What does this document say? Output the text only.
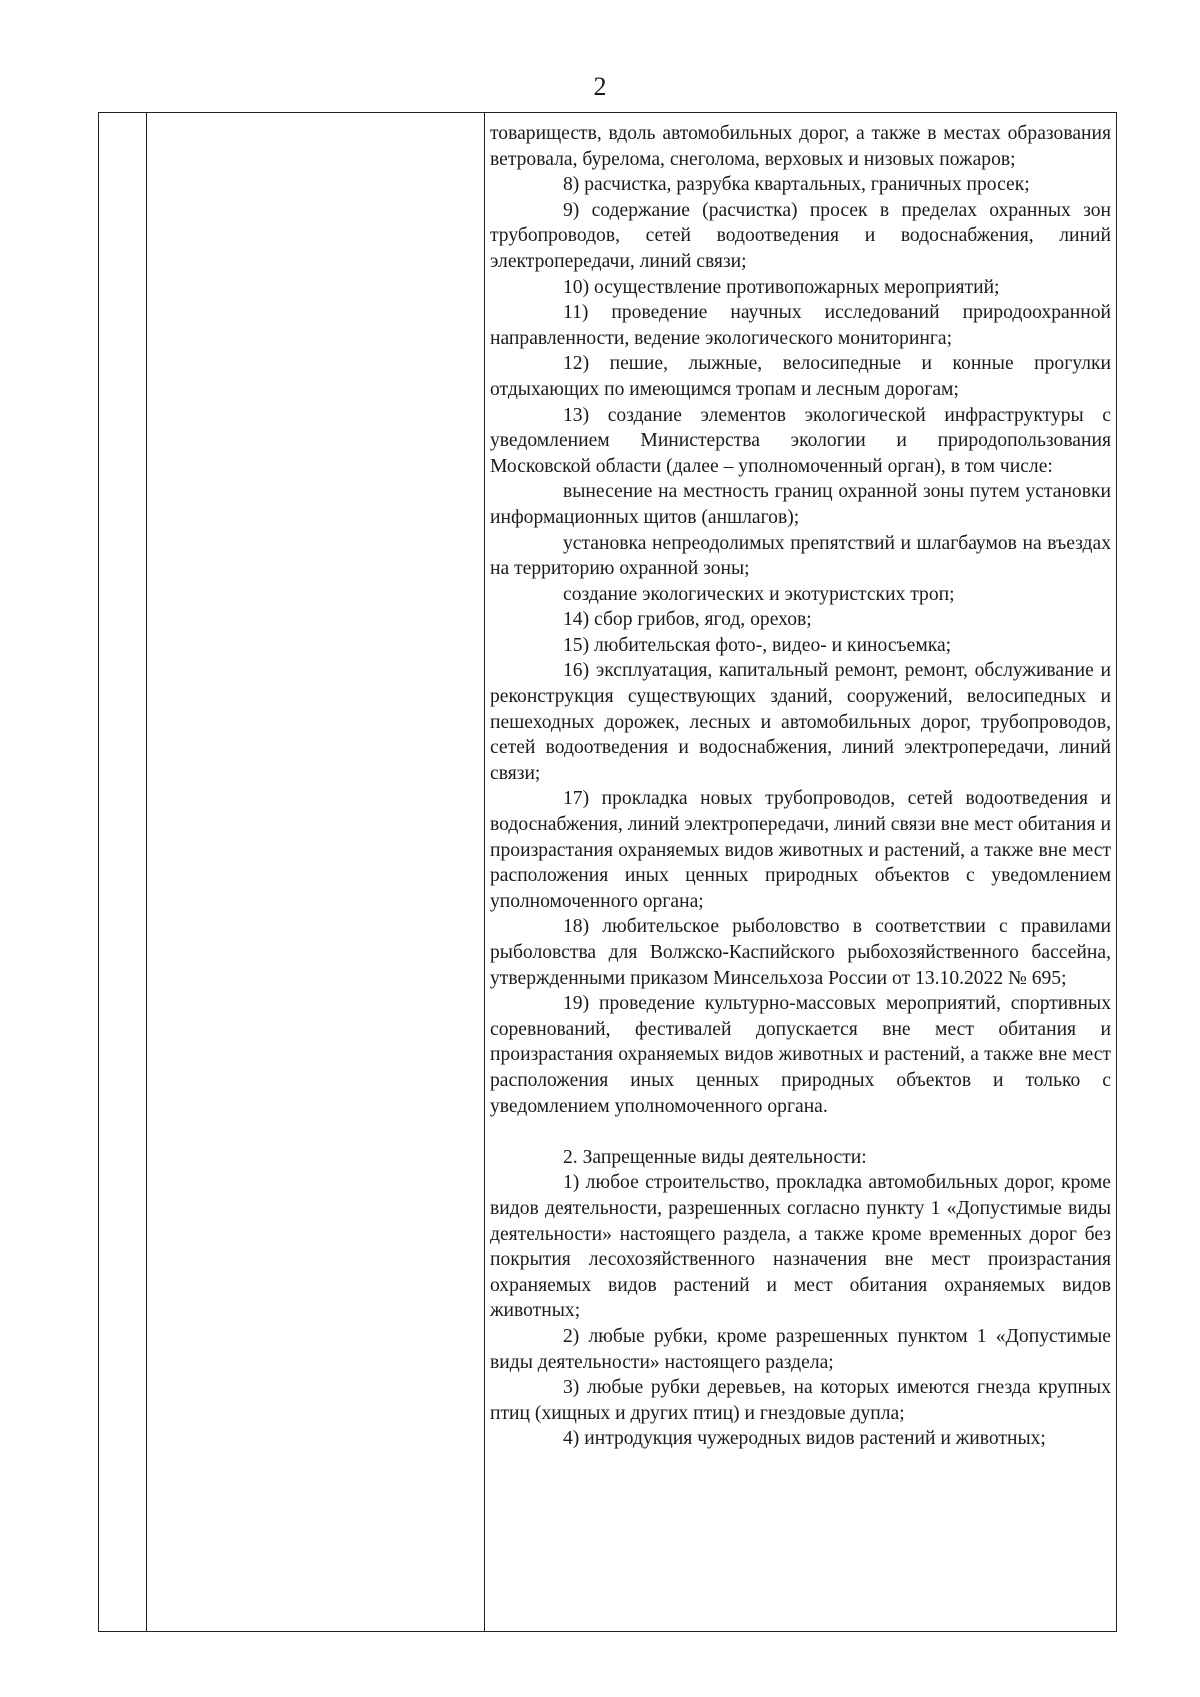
2

товариществ, вдоль автомобильных дорог, а также в местах образования ветровала, бурелома, снеголома, верховых и низовых пожаров;

8) расчистка, разрубка квартальных, граничных просек;

9) содержание (расчистка) просек в пределах охранных зон трубопроводов, сетей водоотведения и водоснабжения, линий электропередачи, линий связи;

10) осуществление противопожарных мероприятий;

11) проведение научных исследований природоохранной направленности, ведение экологического мониторинга;

12) пешие, лыжные, велосипедные и конные прогулки отдыхающих по имеющимся тропам и лесным дорогам;

13) создание элементов экологической инфраструктуры с уведомлением Министерства экологии и природопользования Московской области (далее – уполномоченный орган), в том числе:

вынесение на местность границ охранной зоны путем установки информационных щитов (аншлагов);

установка непреодолимых препятствий и шлагбаумов на въездах на территорию охранной зоны;

создание экологических и экотуристских троп;

14) сбор грибов, ягод, орехов;

15) любительская фото-, видео- и киносъемка;

16) эксплуатация, капитальный ремонт, ремонт, обслуживание и реконструкция существующих зданий, сооружений, велосипедных и пешеходных дорожек, лесных и автомобильных дорог, трубопроводов, сетей водоотведения и водоснабжения, линий электропередачи, линий связи;

17) прокладка новых трубопроводов, сетей водоотведения и водоснабжения, линий электропередачи, линий связи вне мест обитания и произрастания охраняемых видов животных и растений, а также вне мест расположения иных ценных природных объектов с уведомлением уполномоченного органа;

18) любительское рыболовство в соответствии с правилами рыболовства для Волжско-Каспийского рыбохозяйственного бассейна, утвержденными приказом Минсельхоза России от 13.10.2022 № 695;

19) проведение культурно-массовых мероприятий, спортивных соревнований, фестивалей допускается вне мест обитания и произрастания охраняемых видов животных и растений, а также вне мест расположения иных ценных природных объектов и только с уведомлением уполномоченного органа.

2. Запрещенные виды деятельности:

1) любое строительство, прокладка автомобильных дорог, кроме видов деятельности, разрешенных согласно пункту 1 «Допустимые виды деятельности» настоящего раздела, а также кроме временных дорог без покрытия лесохозяйственного назначения вне мест произрастания охраняемых видов растений и мест обитания охраняемых видов животных;

2) любые рубки, кроме разрешенных пунктом 1 «Допустимые виды деятельности» настоящего раздела;

3) любые рубки деревьев, на которых имеются гнезда крупных птиц (хищных и других птиц) и гнездовые дупла;

4) интродукция чужеродных видов растений и животных;
